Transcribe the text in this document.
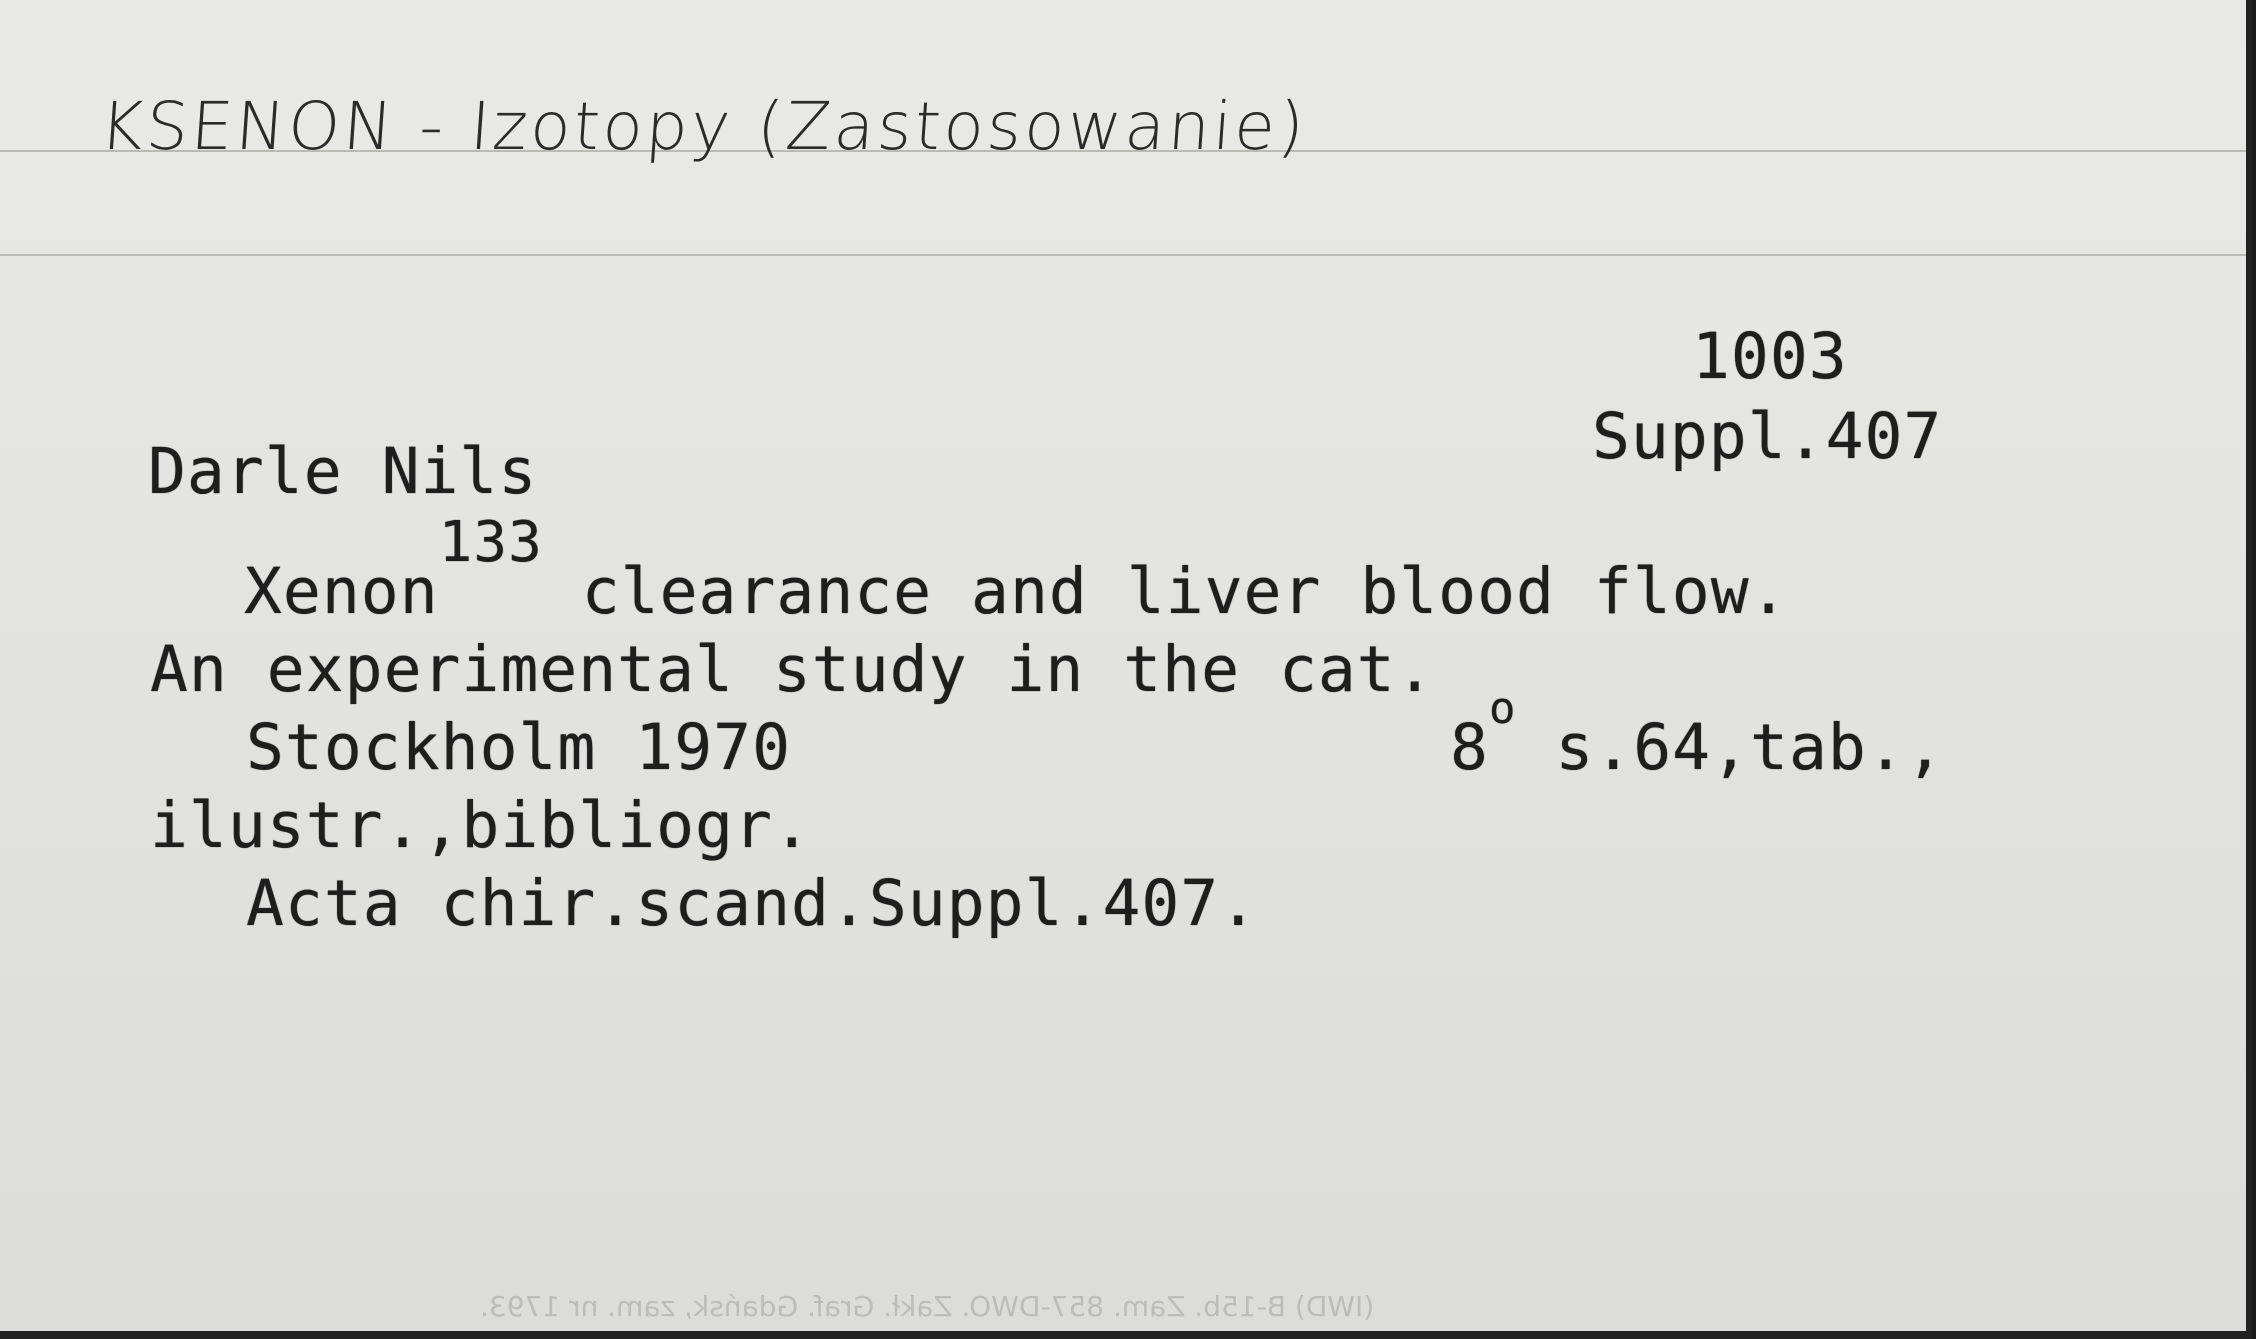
KSENON - Izotopy (Zastosowanie)
1003
Suppl.407
Darle Nils
Xenon133 clearance and liver blood flow.
An experimental study in the cat.
Stockholm 1970	8$^o$ s.64,tab.,
ilustr.,bibliogr.
Acta chir.scand.Suppl.407.
(IWD) B-15b. Zam. 857-DWO. Zakł. Graf. Gdańsk, zam. nr 1793.
